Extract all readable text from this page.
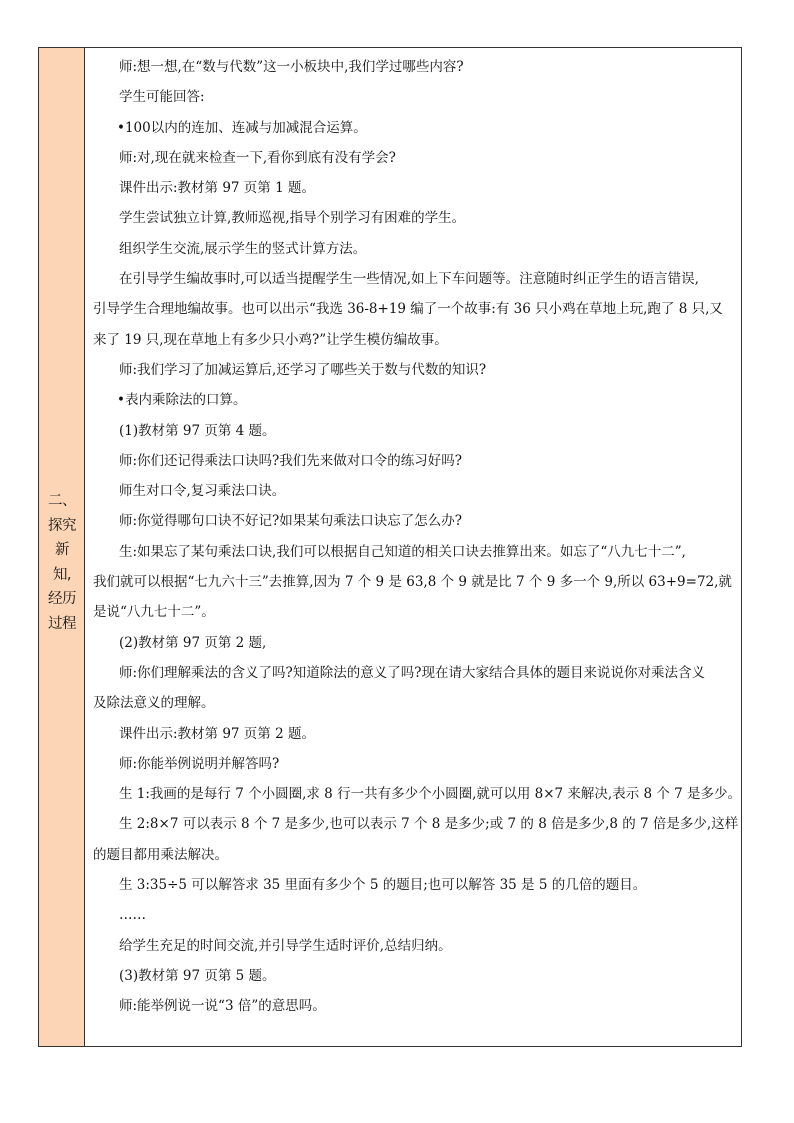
二、
探究
新
知,
经历
过程
师:想一想,在“数与代数”这一小板块中,我们学过哪些内容?
学生可能回答:
•100以内的连加、连减与加减混合运算。
师:对,现在就来检查一下,看你到底有没有学会?
课件出示:教材第 97 页第 1 题。
学生尝试独立计算,教师巡视,指导个别学习有困难的学生。
组织学生交流,展示学生的竖式计算方法。
在引导学生编故事时,可以适当提醒学生一些情况,如上下车问题等。注意随时纠正学生的语言错误,
引导学生合理地编故事。也可以出示“我选 36-8+19 编了一个故事:有 36 只小鸡在草地上玩,跑了 8 只,又
来了 19 只,现在草地上有多少只小鸡?”让学生模仿编故事。
师:我们学习了加减运算后,还学习了哪些关于数与代数的知识?
•表内乘除法的口算。
(1)教材第 97 页第 4 题。
师:你们还记得乘法口诀吗?我们先来做对口令的练习好吗?
师生对口令,复习乘法口诀。
师:你觉得哪句口诀不好记?如果某句乘法口诀忘了怎么办?
生:如果忘了某句乘法口诀,我们可以根据自己知道的相关口诀去推算出来。如忘了“八九七十二”,
我们就可以根据“七九六十三”去推算,因为 7 个 9 是 63,8 个 9 就是比 7 个 9 多一个 9,所以 63+9=72,就
是说“八九七十二”。
(2)教材第 97 页第 2 题,
师:你们理解乘法的含义了吗?知道除法的意义了吗?现在请大家结合具体的题目来说说你对乘法含义
及除法意义的理解。
课件出示:教材第 97 页第 2 题。
师:你能举例说明并解答吗?
生 1:我画的是每行 7 个小圆圈,求 8 行一共有多少个小圆圈,就可以用 8×7 来解决,表示 8 个 7 是多少。
生 2:8×7 可以表示 8 个 7 是多少,也可以表示 7 个 8 是多少;或 7 的 8 倍是多少,8 的 7 倍是多少,这样
的题目都用乘法解决。
生 3:35÷5 可以解答求 35 里面有多少个 5 的题目;也可以解答 35 是 5 的几倍的题目。
……
给学生充足的时间交流,并引导学生适时评价,总结归纳。
(3)教材第 97 页第 5 题。
师:能举例说一说“3 倍”的意思吗。
